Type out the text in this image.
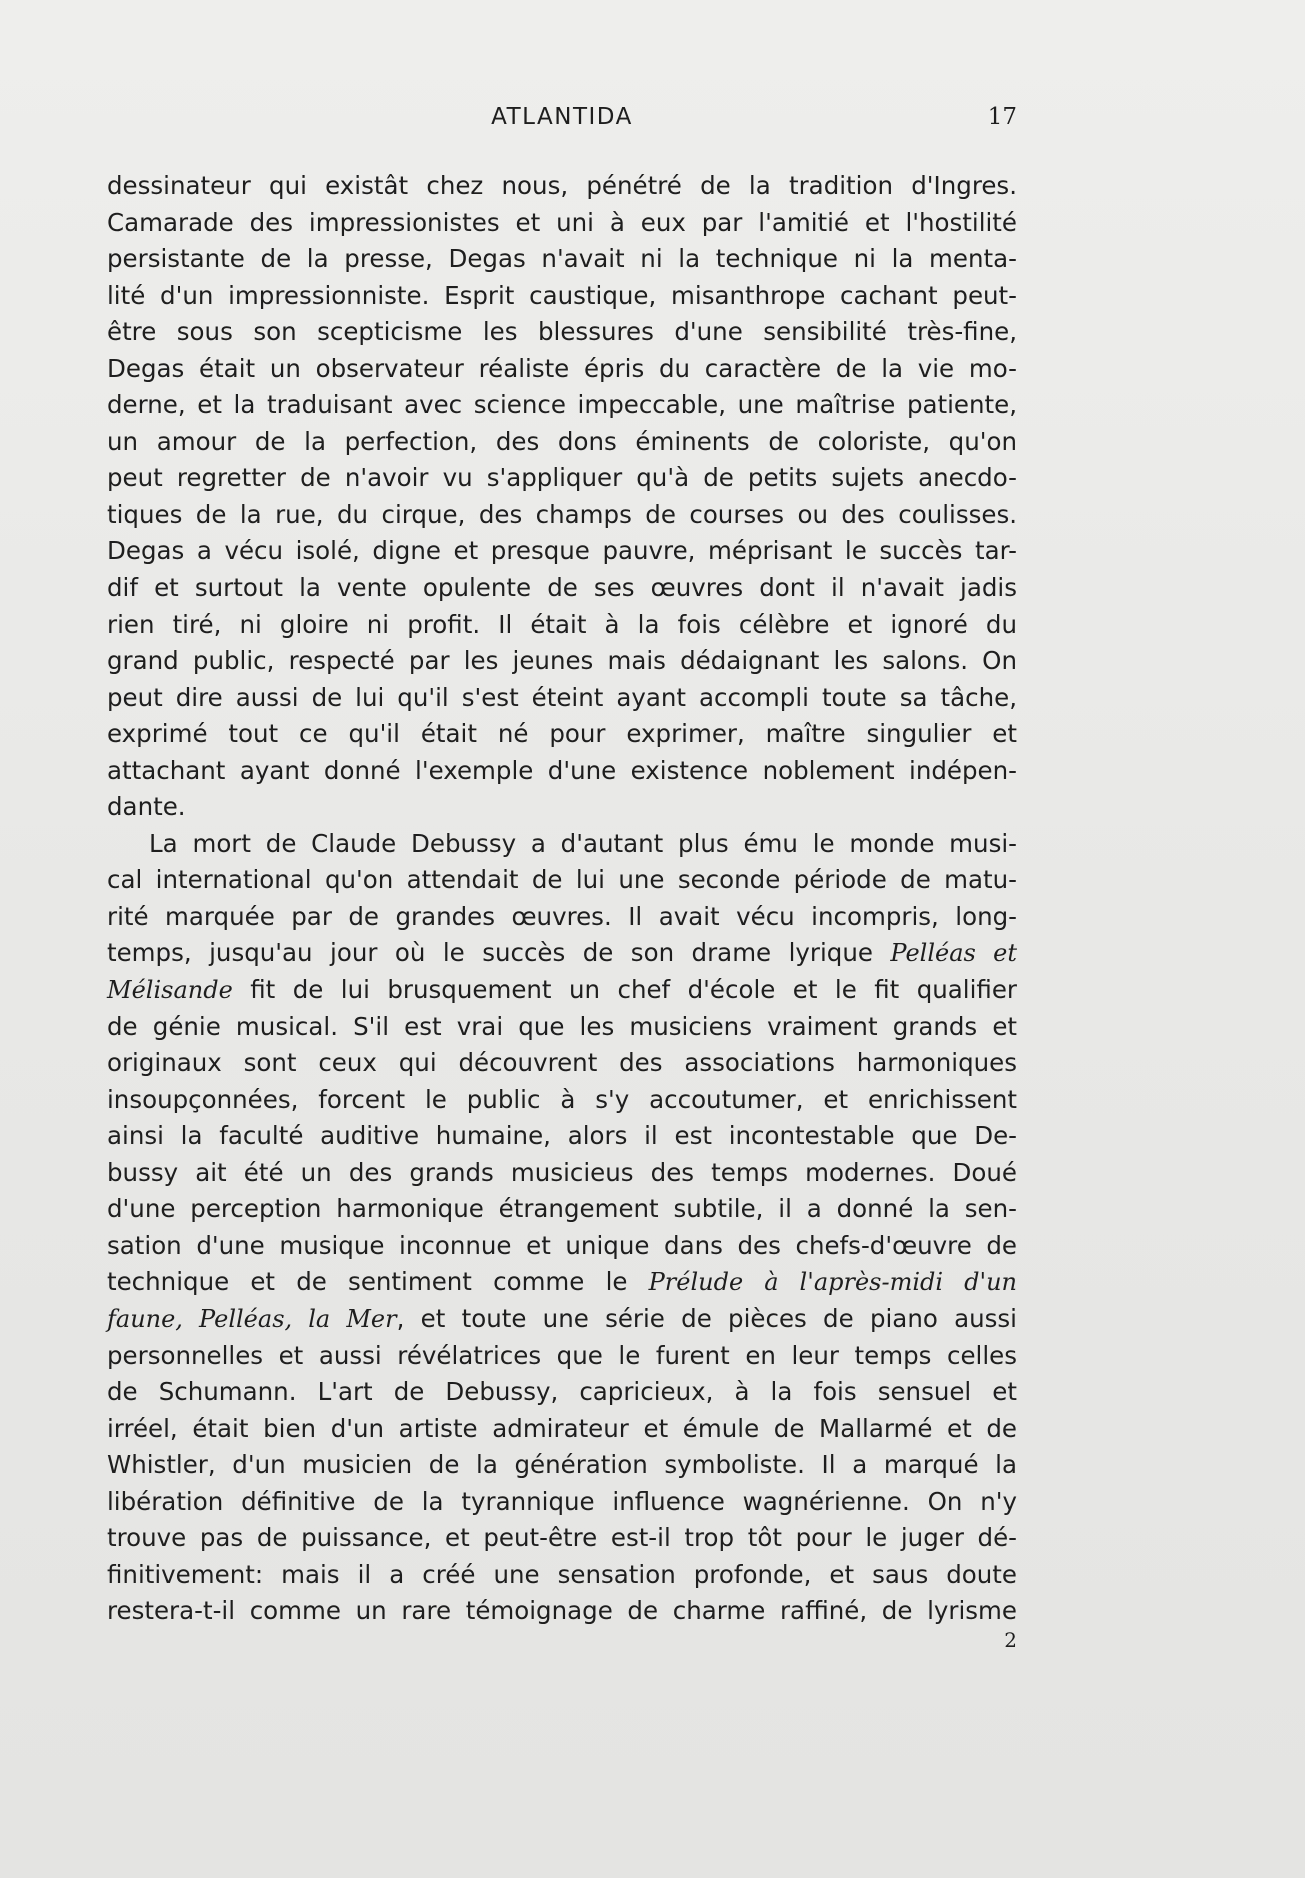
ATLANTIDA	17
dessinateur qui existât chez nous, pénétré de la tradition d'Ingres.
Camarade des impressionistes et uni à eux par l'amitié et l'hostilité
persistante de la presse, Degas n'avait ni la technique ni la menta-
lité d'un impressionniste. Esprit caustique, misanthrope cachant peut-
être sous son scepticisme les blessures d'une sensibilité très-fine,
Degas était un observateur réaliste épris du caractère de la vie mo-
derne, et la traduisant avec science impeccable, une maîtrise patiente,
un amour de la perfection, des dons éminents de coloriste, qu'on
peut regretter de n'avoir vu s'appliquer qu'à de petits sujets anecdo-
tiques de la rue, du cirque, des champs de courses ou des coulisses.
Degas a vécu isolé, digne et presque pauvre, méprisant le succès tar-
dif et surtout la vente opulente de ses œuvres dont il n'avait jadis
rien tiré, ni gloire ni profit. Il était à la fois célèbre et ignoré du
grand public, respecté par les jeunes mais dédaignant les salons. On
peut dire aussi de lui qu'il s'est éteint ayant accompli toute sa tâche,
exprimé tout ce qu'il était né pour exprimer, maître singulier et
attachant ayant donné l'exemple d'une existence noblement indépen-
dante.
La mort de Claude Debussy a d'autant plus ému le monde musi-
cal international qu'on attendait de lui une seconde période de matu-
rité marquée par de grandes œuvres. Il avait vécu incompris, long-
temps, jusqu'au jour où le succès de son drame lyrique Pelléas et
Mélisande fit de lui brusquement un chef d'école et le fit qualifier
de génie musical. S'il est vrai que les musiciens vraiment grands et
originaux sont ceux qui découvrent des associations harmoniques
insoupçonnées, forcent le public à s'y accoutumer, et enrichissent
ainsi la faculté auditive humaine, alors il est incontestable que De-
bussy ait été un des grands musicieus des temps modernes. Doué
d'une perception harmonique étrangement subtile, il a donné la sen-
sation d'une musique inconnue et unique dans des chefs-d'œuvre de
technique et de sentiment comme le Prélude à l'après-midi d'un
faune, Pelléas, la Mer, et toute une série de pièces de piano aussi
personnelles et aussi révélatrices que le furent en leur temps celles
de Schumann. L'art de Debussy, capricieux, à la fois sensuel et
irréel, était bien d'un artiste admirateur et émule de Mallarmé et de
Whistler, d'un musicien de la génération symboliste. Il a marqué la
libération définitive de la tyrannique influence wagnérienne. On n'y
trouve pas de puissance, et peut-être est-il trop tôt pour le juger dé-
finitivement: mais il a créé une sensation profonde, et saus doute
restera-t-il comme un rare témoignage de charme raffiné, de lyrisme
2
